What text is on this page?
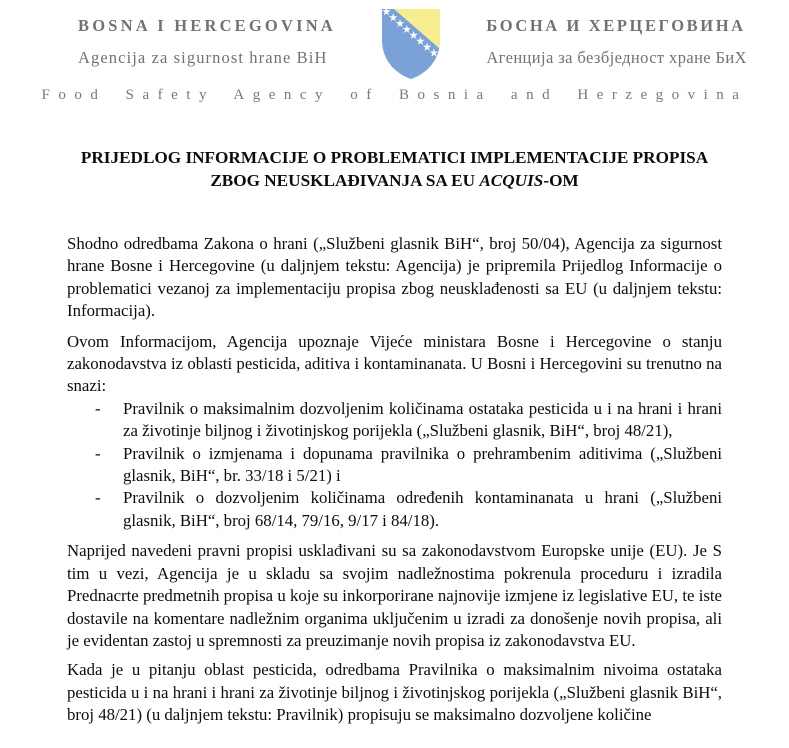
BOSNA I HERCEGOVINA
Agencija za sigurnost hrane BiH
БОСНА И ХЕРЦЕГОВИНА
Агенција за безбједност хране БиХ
Food Safety Agency of Bosnia and Herzegovina
PRIJEDLOG INFORMACIJE O PROBLEMATICI IMPLEMENTACIJE PROPISA
ZBOG NEUSKLAĐIVANJA SA EU ACQUIS-OM

Shodno odredbama Zakona o hrani („Službeni glasnik BiH“, broj 50/04), Agencija za sigurnost hrane Bosne i Hercegovine (u daljnjem tekstu: Agencija) je pripremila Prijedlog Informacije o problematici vezanoj za implementaciju propisa zbog neusklađenosti sa EU (u daljnjem tekstu: Informacija).

Ovom Informacijom, Agencija upoznaje Vijeće ministara Bosne i Hercegovine o stanju zakonodavstva iz oblasti pesticida, aditiva i kontaminanata. U Bosni i Hercegovini su trenutno na snazi:

- Pravilnik o maksimalnim dozvoljenim količinama ostataka pesticida u i na hrani i hrani za životinje biljnog i životinjskog porijekla („Službeni glasnik, BiH“, broj 48/21),
- Pravilnik o izmjenama i dopunama pravilnika o prehrambenim aditivima („Službeni glasnik, BiH“, br. 33/18 i 5/21) i
- Pravilnik o dozvoljenim količinama određenih kontaminanata u hrani („Službeni glasnik, BiH“, broj 68/14, 79/16, 9/17 i 84/18).

Naprijed navedeni pravni propisi usklađivani su sa zakonodavstvom Europske unije (EU). Je S tim u vezi, Agencija je u skladu sa svojim nadležnostima pokrenula proceduru i izradila Prednacrte predmetnih propisa u koje su inkorporirane najnovije izmjene iz legislative EU, te iste dostavile na komentare nadležnim organima uključenim u izradi za donošenje novih propisa, ali je evidentan zastoj u spremnosti za preuzimanje novih propisa iz zakonodavstva EU.

Kada je u pitanju oblast pesticida, odredbama Pravilnika o maksimalnim nivoima ostataka pesticida u i na hrani i hrani za životinje biljnog i životinjskog porijekla („Službeni glasnik BiH“, broj 48/21) (u daljnjem tekstu: Pravilnik) propisuju se maksimalno dozvoljene količine
